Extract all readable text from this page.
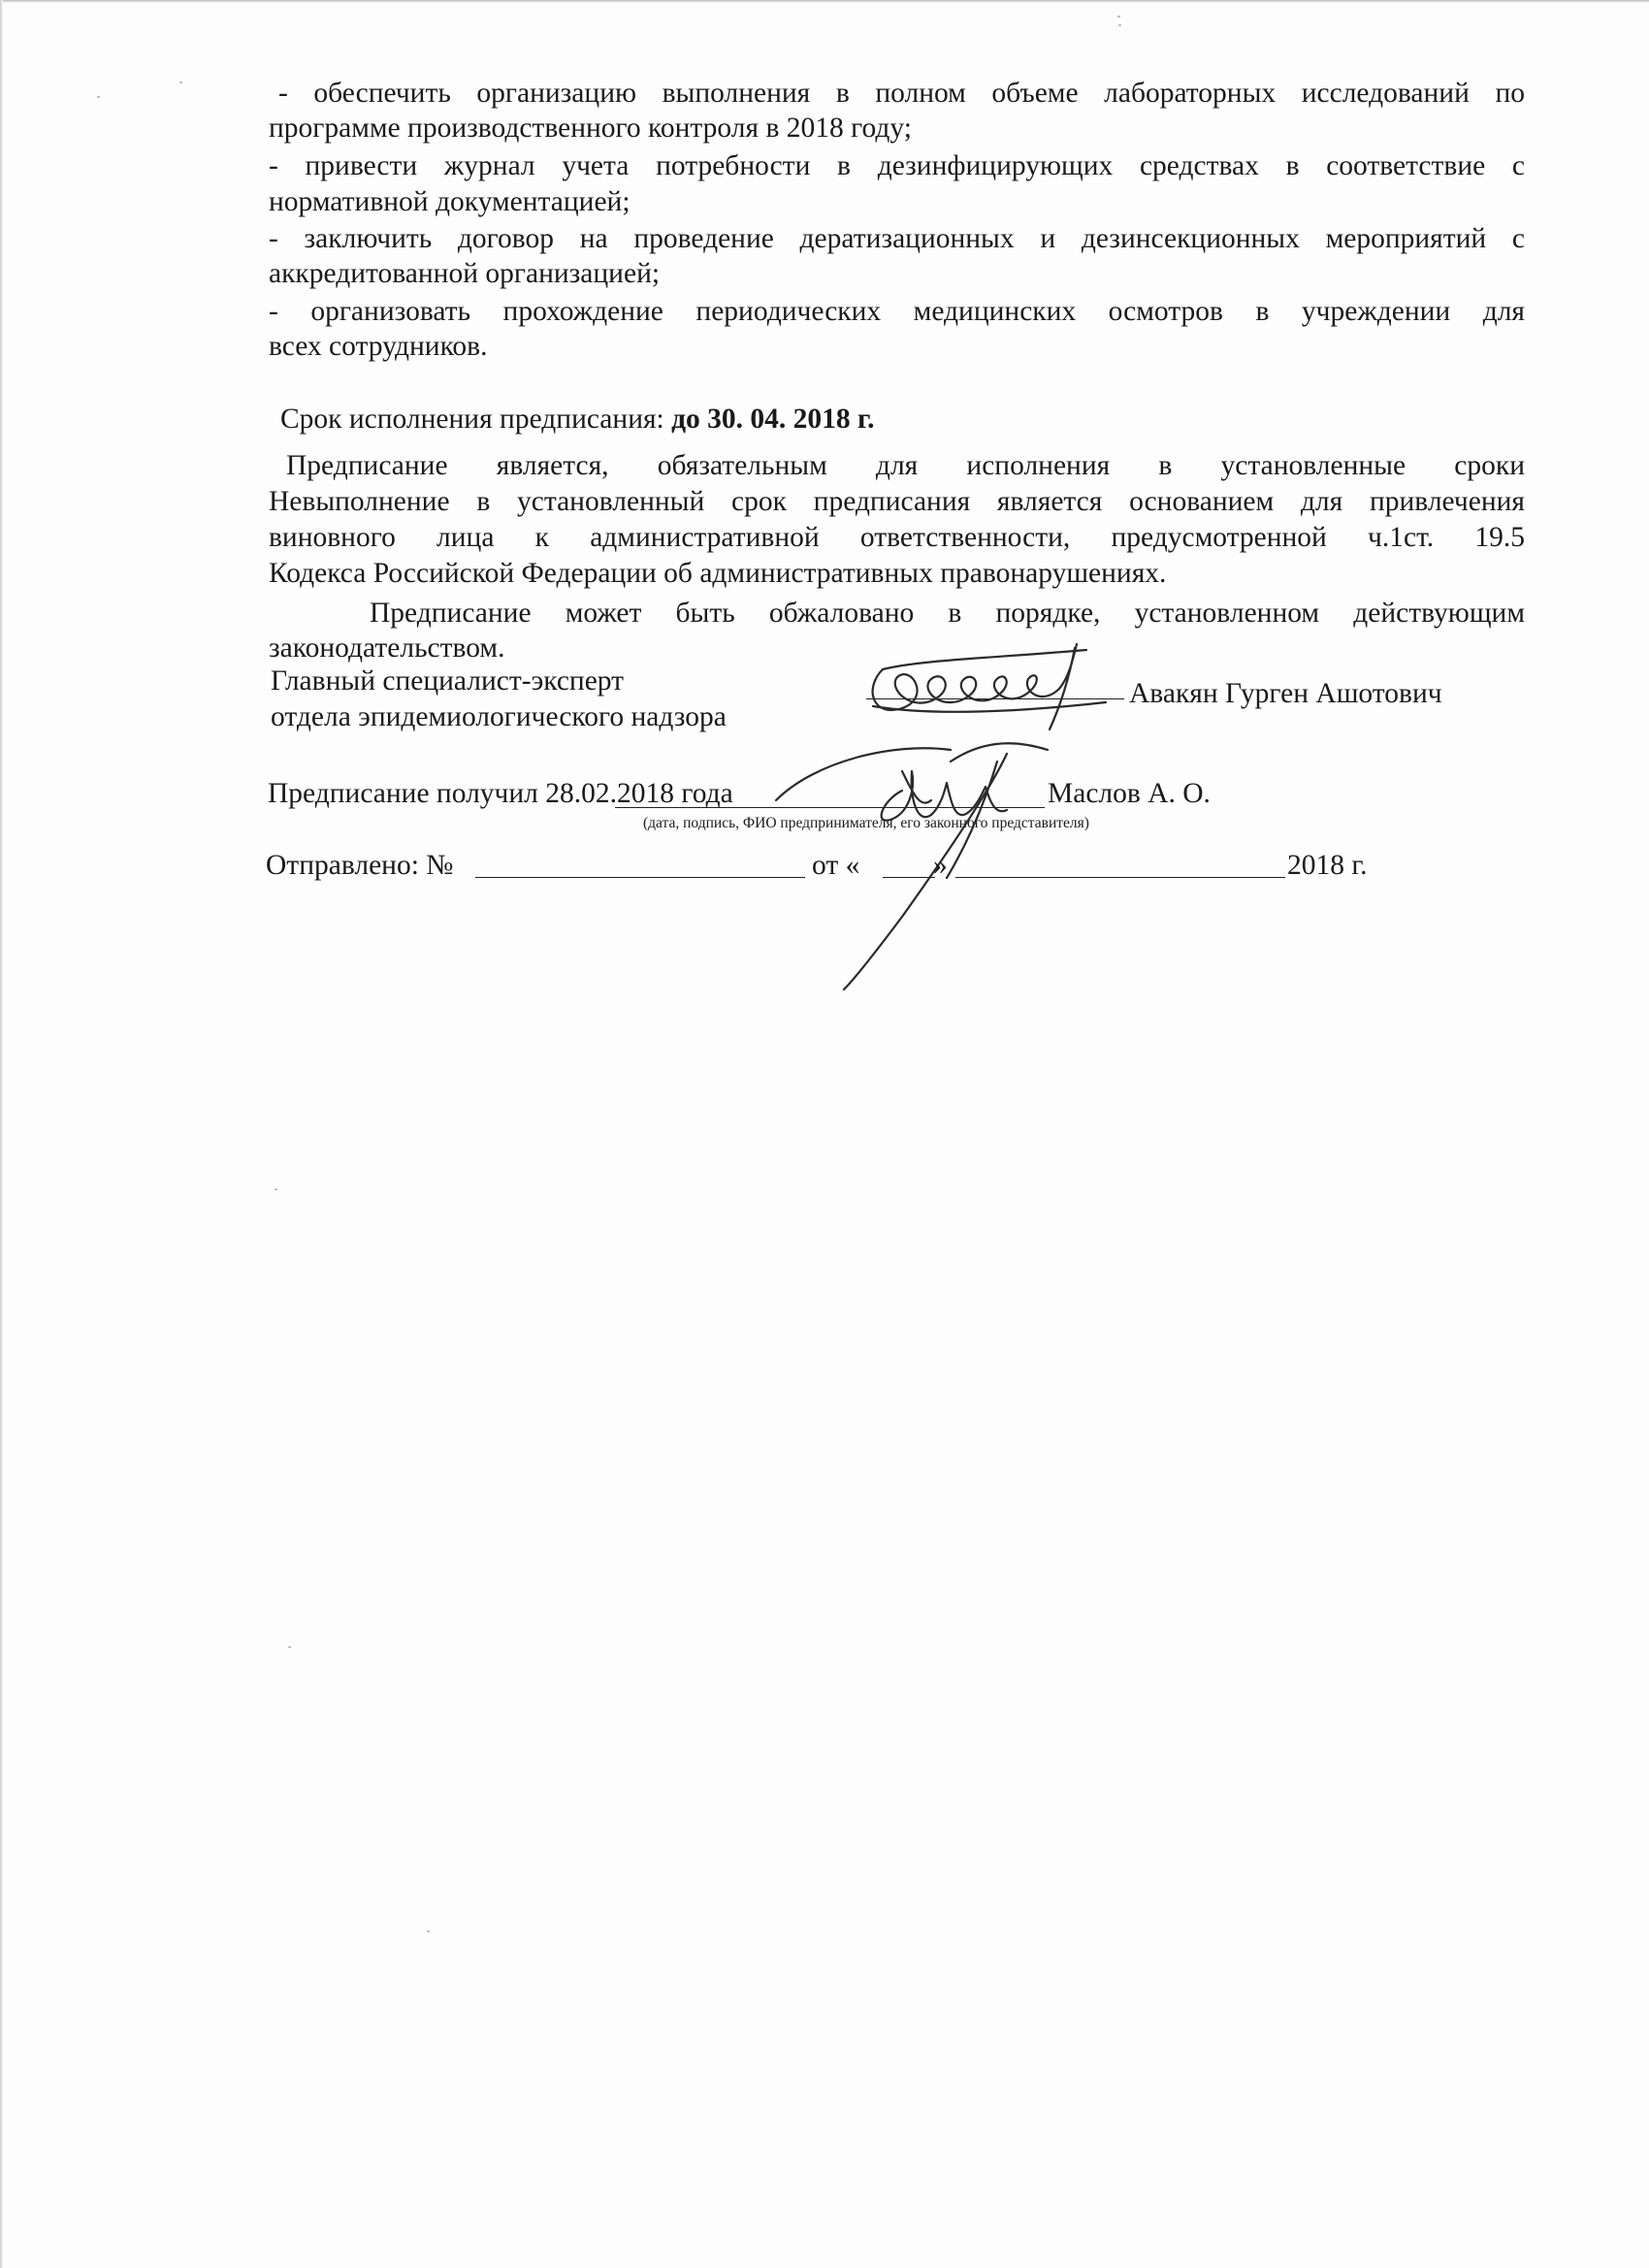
- обеспечить организацию выполнения в полном объеме лабораторных исследований по

программе производственного контроля в 2018 году;

- привести журнал учета потребности в дезинфицирующих средствах в соответствие с

нормативной документацией;

- заключить договор на проведение дератизационных и дезинсекционных мероприятий с

аккредитованной организацией;

- организовать прохождение периодических медицинских осмотров в учреждении для

всех сотрудников.

Срок исполнения предписания: до 30. 04. 2018 г.

Предписание является, обязательным для исполнения в установленные сроки

Невыполнение в установленный срок предписания является основанием для привлечения

виновного лица к административной ответственности, предусмотренной ч.1ст. 19.5

Кодекса Российской Федерации об административных правонарушениях.

Предписание может быть обжаловано в порядке, установленном действующим

законодательством.

Главный специалист-эксперт

отдела эпидемиологического надзора

Авакян Гурген Ашотович

Предписание получил 28.02.2018 года	Маслов А. О.

(дата, подпись, ФИО предпринимателя, его законного представителя)

Отправлено: №	от «	»	2018 г.
